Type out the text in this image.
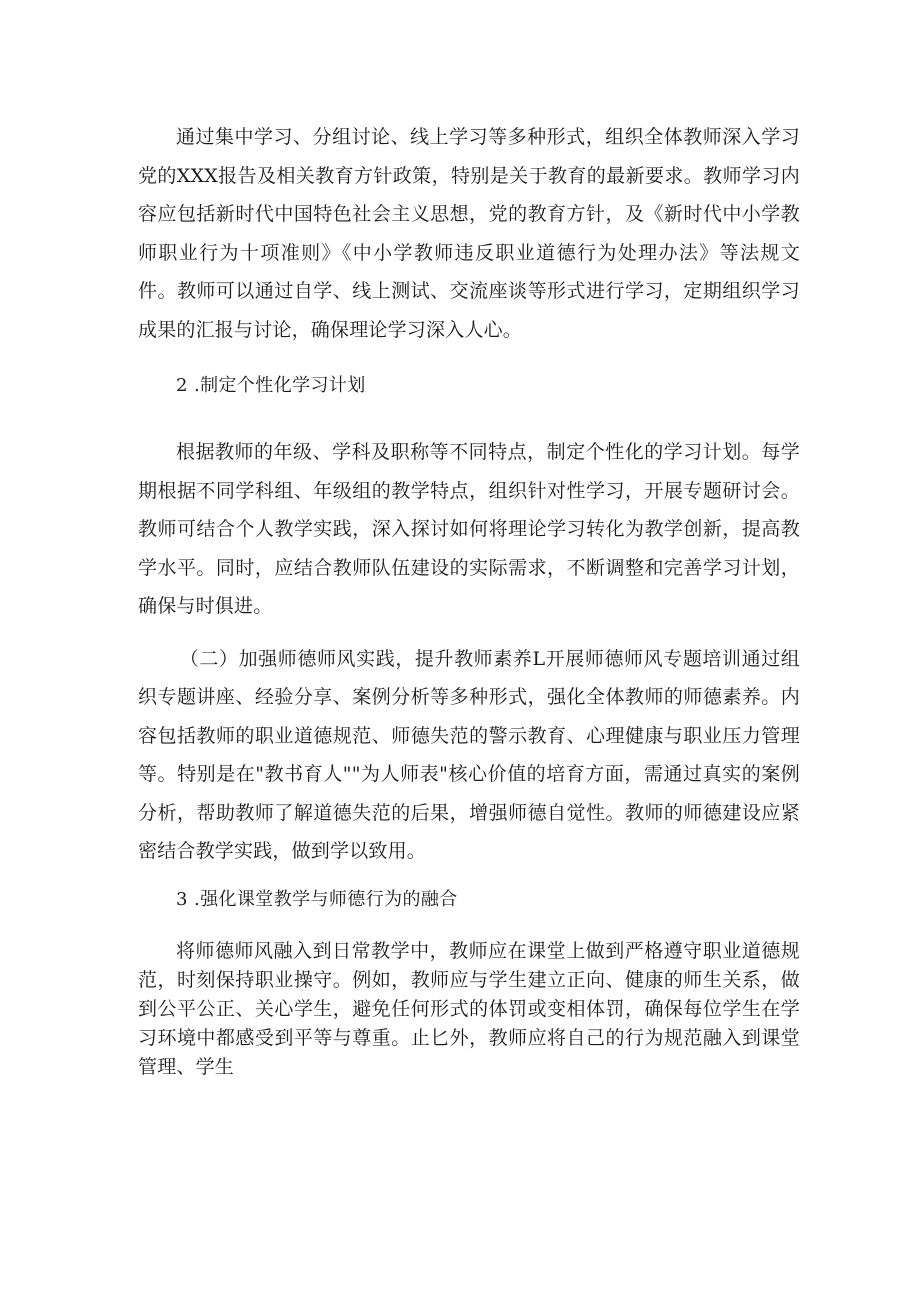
通过集中学习、分组讨论、线上学习等多种形式，组织全体教师深入学习党的XXX报告及相关教育方针政策，特别是关于教育的最新要求。教师学习内容应包括新时代中国特色社会主义思想，党的教育方针，及《新时代中小学教师职业行为十项准则》《中小学教师违反职业道德行为处理办法》等法规文件。教师可以通过自学、线上测试、交流座谈等形式进行学习，定期组织学习成果的汇报与讨论，确保理论学习深入人心。

2 .制定个性化学习计划

根据教师的年级、学科及职称等不同特点，制定个性化的学习计划。每学期根据不同学科组、年级组的教学特点，组织针对性学习，开展专题研讨会。教师可结合个人教学实践，深入探讨如何将理论学习转化为教学创新，提高教学水平。同时，应结合教师队伍建设的实际需求，不断调整和完善学习计划，确保与时俱进。

（二）加强师德师风实践，提升教师素养L开展师德师风专题培训通过组织专题讲座、经验分享、案例分析等多种形式，强化全体教师的师德素养。内容包括教师的职业道德规范、师德失范的警示教育、心理健康与职业压力管理等。特别是在"教书育人""为人师表"核心价值的培育方面，需通过真实的案例分析，帮助教师了解道德失范的后果，增强师德自觉性。教师的师德建设应紧密结合教学实践，做到学以致用。

3 .强化课堂教学与师德行为的融合

将师德师风融入到日常教学中，教师应在课堂上做到严格遵守职业道德规范，时刻保持职业操守。例如，教师应与学生建立正向、健康的师生关系，做到公平公正、关心学生，避免任何形式的体罚或变相体罚，确保每位学生在学习环境中都感受到平等与尊重。止匕外，教师应将自己的行为规范融入到课堂管理、学生
